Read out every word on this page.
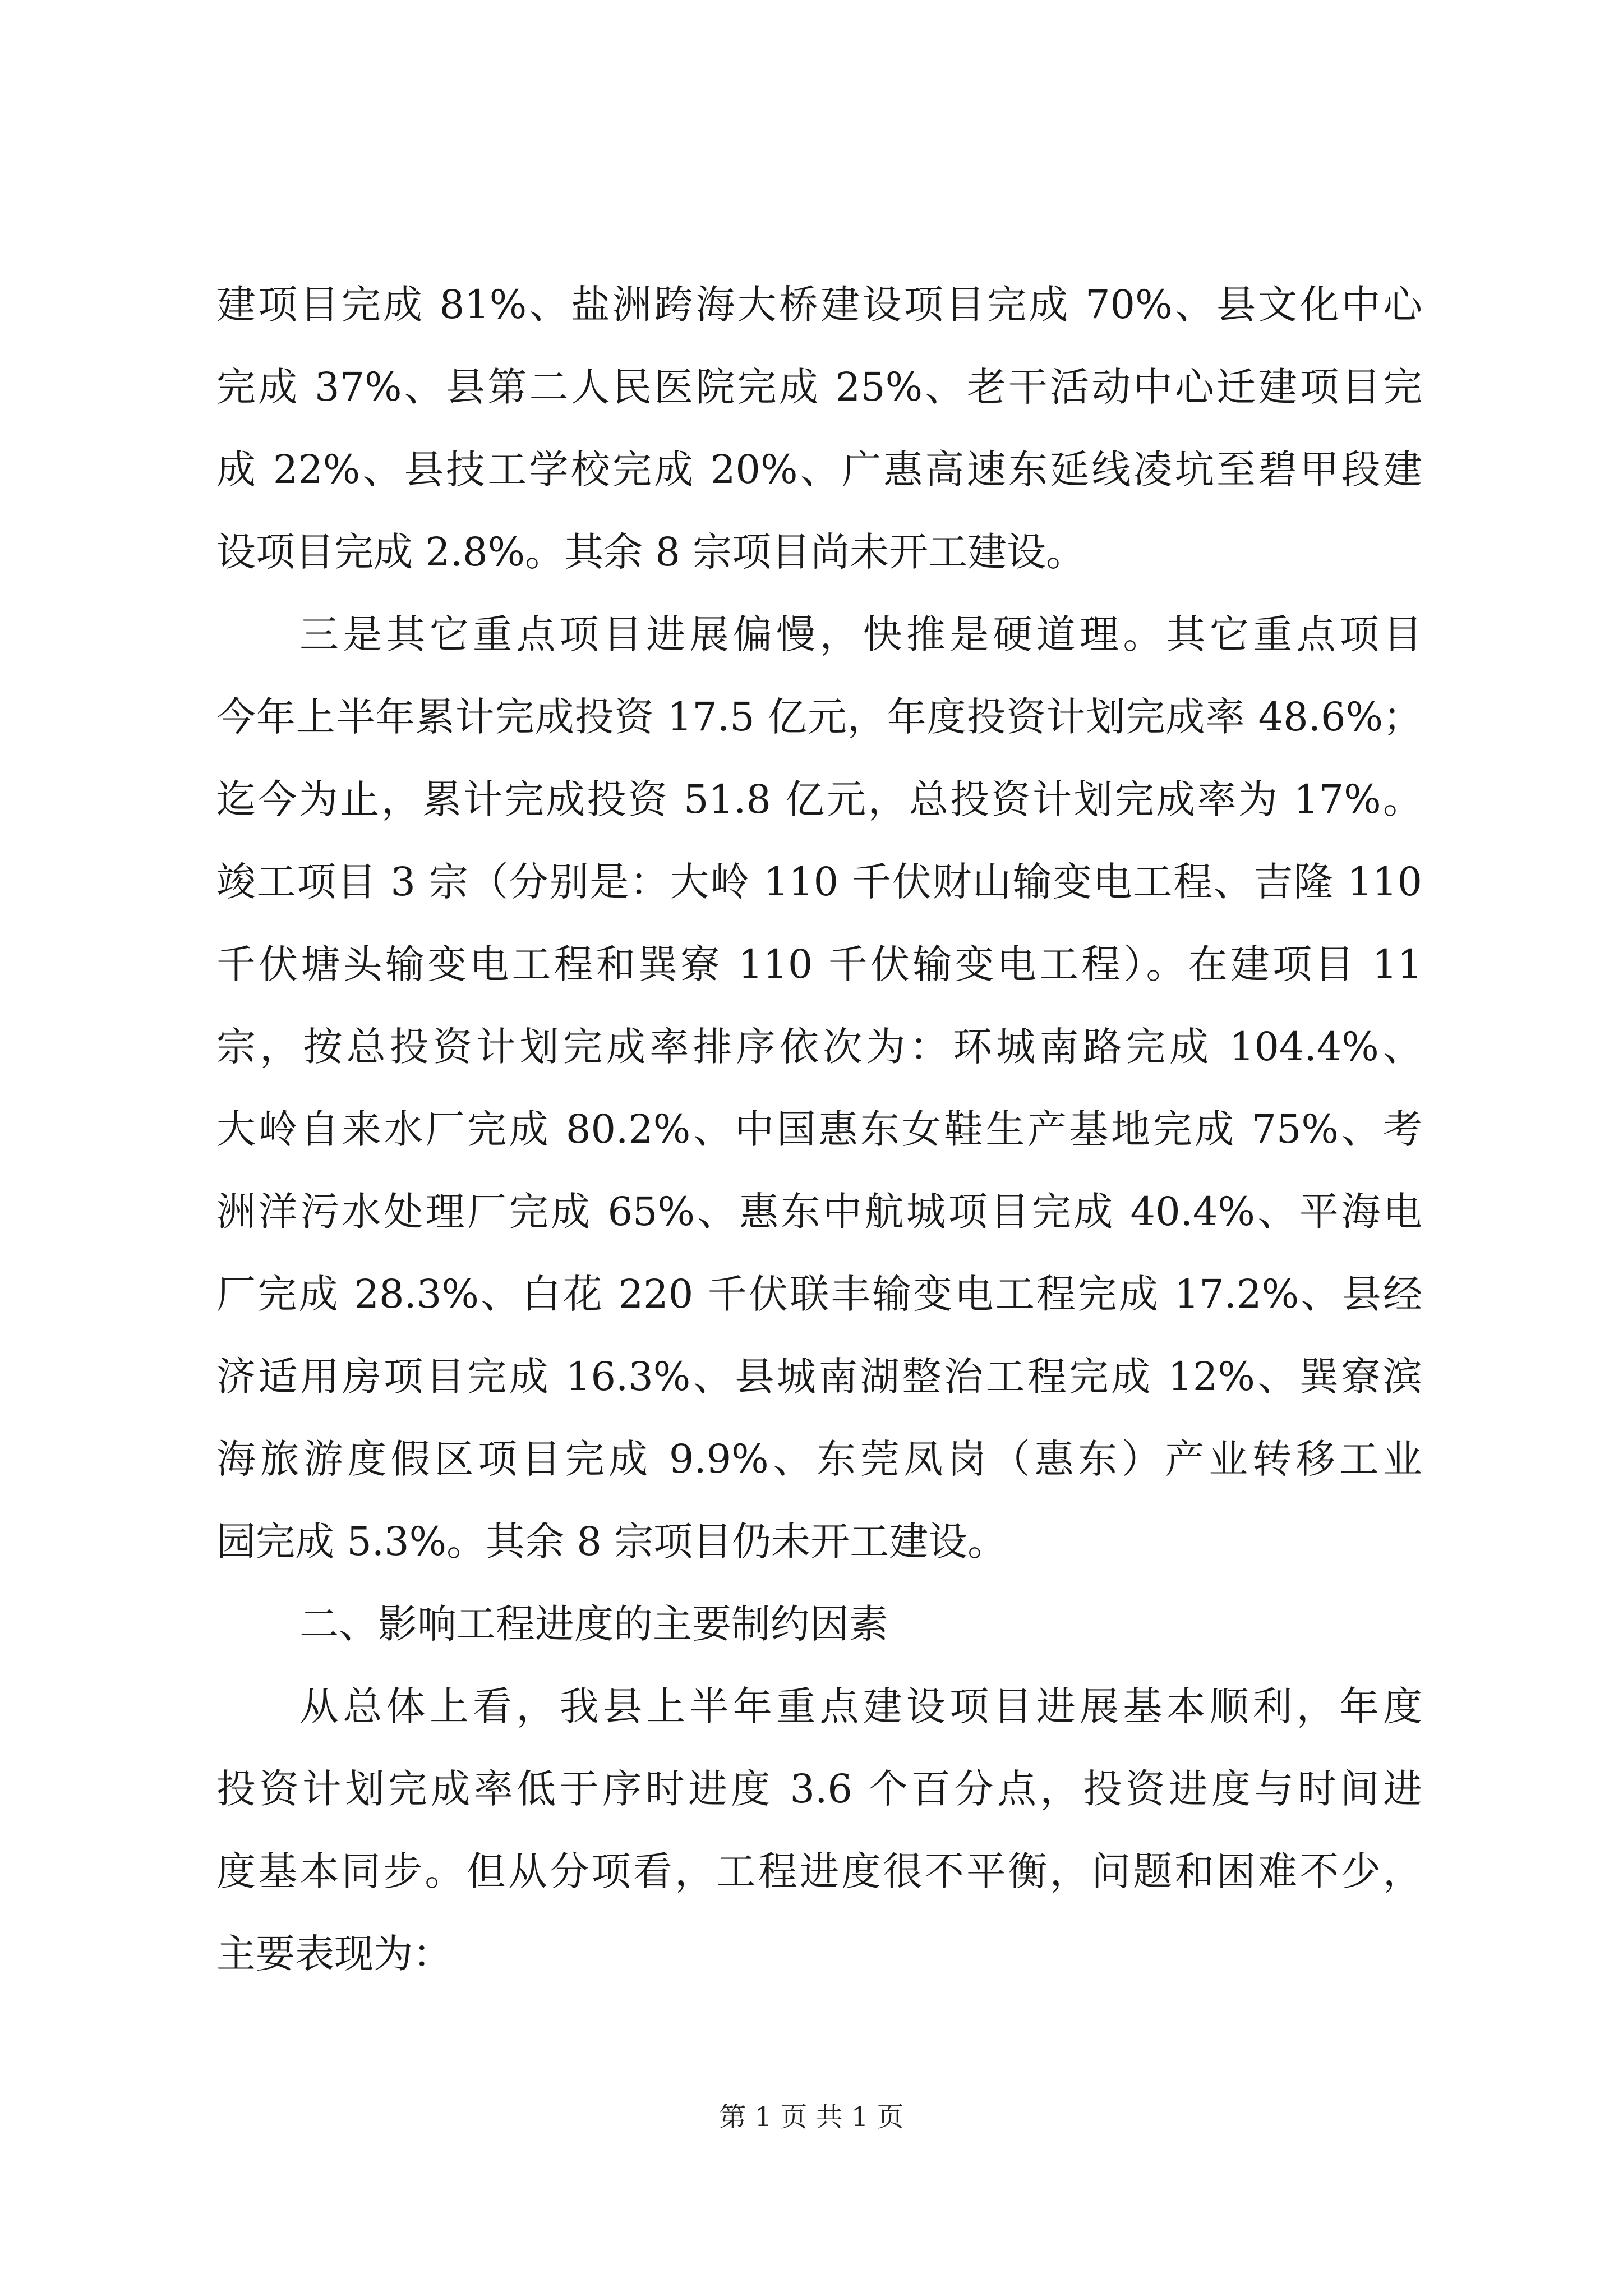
建项目完成 81%、盐洲跨海大桥建设项目完成 70%、县文化中心
完成 37%、县第二人民医院完成 25%、老干活动中心迁建项目完
成 22%、县技工学校完成 20%、广惠高速东延线凌坑至碧甲段建
设项目完成 2.8%。其余 8 宗项目尚未开工建设。
三是其它重点项目进展偏慢，快推是硬道理。其它重点项目
今年上半年累计完成投资 17.5 亿元，年度投资计划完成率 48.6%；
迄今为止，累计完成投资 51.8 亿元，总投资计划完成率为 17%。
竣工项目 3 宗（分别是：大岭 110 千伏财山输变电工程、吉隆 110
千伏塘头输变电工程和巽寮 110 千伏输变电工程）。在建项目 11
宗，按总投资计划完成率排序依次为：环城南路完成 104.4%、
大岭自来水厂完成 80.2%、中国惠东女鞋生产基地完成 75%、考
洲洋污水处理厂完成 65%、惠东中航城项目完成 40.4%、平海电
厂完成 28.3%、白花 220 千伏联丰输变电工程完成 17.2%、县经
济适用房项目完成 16.3%、县城南湖整治工程完成 12%、巽寮滨
海旅游度假区项目完成 9.9%、东莞凤岗（惠东）产业转移工业
园完成 5.3%。其余 8 宗项目仍未开工建设。
二、影响工程进度的主要制约因素
从总体上看，我县上半年重点建设项目进展基本顺利，年度
投资计划完成率低于序时进度 3.6 个百分点，投资进度与时间进
度基本同步。但从分项看，工程进度很不平衡，问题和困难不少，
主要表现为：
第 1 页 共 1 页
